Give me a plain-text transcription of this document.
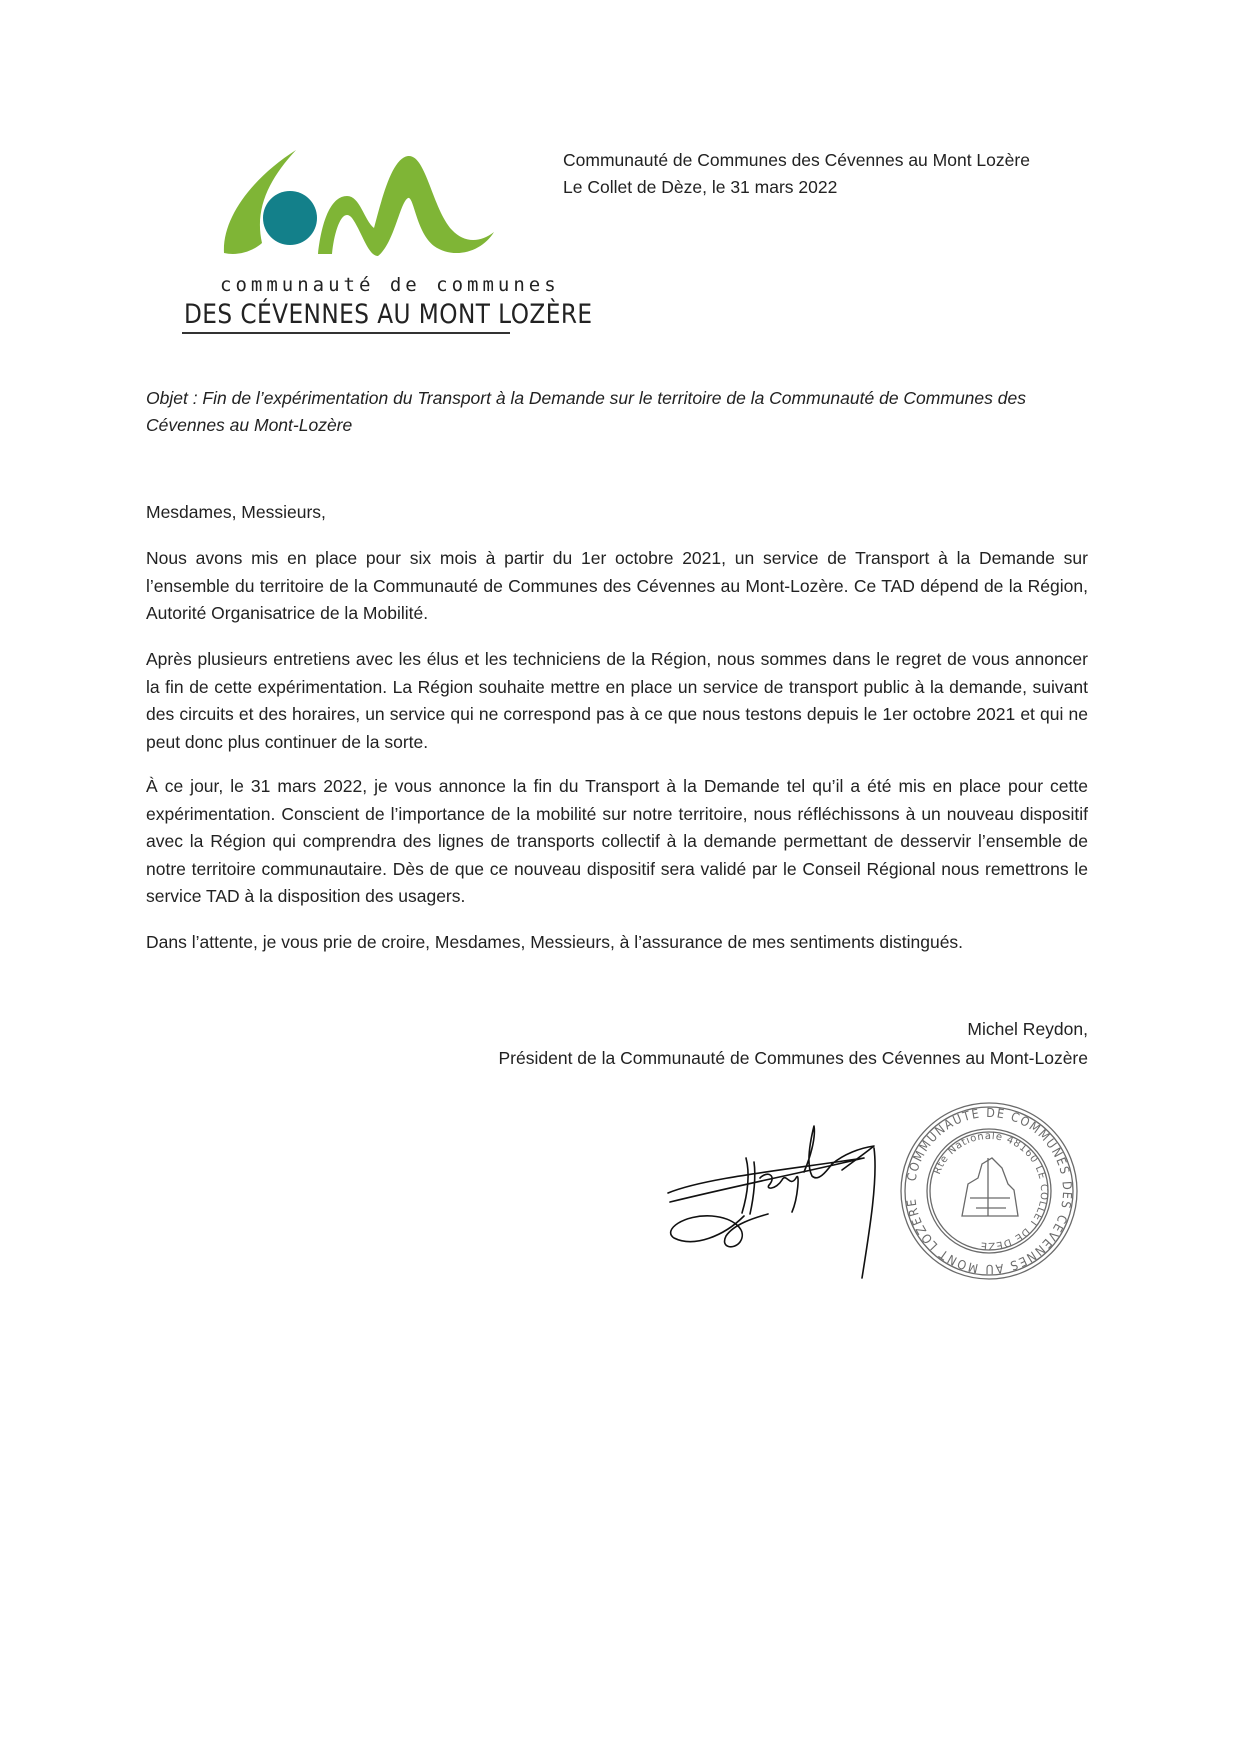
communauté de communes
DES CÉVENNES AU MONT LOZÈRE
Communauté de Communes des Cévennes au Mont Lozère
Le Collet de Dèze, le 31 mars 2022
Objet : Fin de l’expérimentation du Transport à la Demande sur le territoire de la Communauté de Communes des Cévennes au Mont-Lozère
Mesdames, Messieurs,

Nous avons mis en place pour six mois à partir du 1er octobre 2021, un service de Transport à la Demande sur l’ensemble du territoire de la Communauté de Communes des Cévennes au Mont-Lozère. Ce TAD dépend de la Région, Autorité Organisatrice de la Mobilité.

Après plusieurs entretiens avec les élus et les techniciens de la Région, nous sommes dans le regret de vous annoncer la fin de cette expérimentation. La Région souhaite mettre en place un service de transport public à la demande, suivant des circuits et des horaires, un service qui ne correspond pas à ce que nous testons depuis le 1er octobre 2021 et qui ne peut donc plus continuer de la sorte.

À ce jour, le 31 mars 2022, je vous annonce la fin du Transport à la Demande tel qu’il a été mis en place pour cette expérimentation. Conscient de l’importance de la mobilité sur notre territoire, nous réfléchissons à un nouveau dispositif avec la Région qui comprendra des lignes de transports collectif à la demande permettant de desservir l’ensemble de notre territoire communautaire. Dès de que ce nouveau dispositif sera validé par le Conseil Régional nous remettrons le service TAD à la disposition des usagers.

Dans l’attente, je vous prie de croire, Mesdames, Messieurs, à l’assurance de mes sentiments distingués.

Michel Reydon,
Président de la Communauté de Communes des Cévennes au Mont-Lozère
COMMUNAUTE DE COMMUNES DES CEVENNES AU MONT LOZERE
Rte Nationale 48160 LE COLLET DE DEZE
